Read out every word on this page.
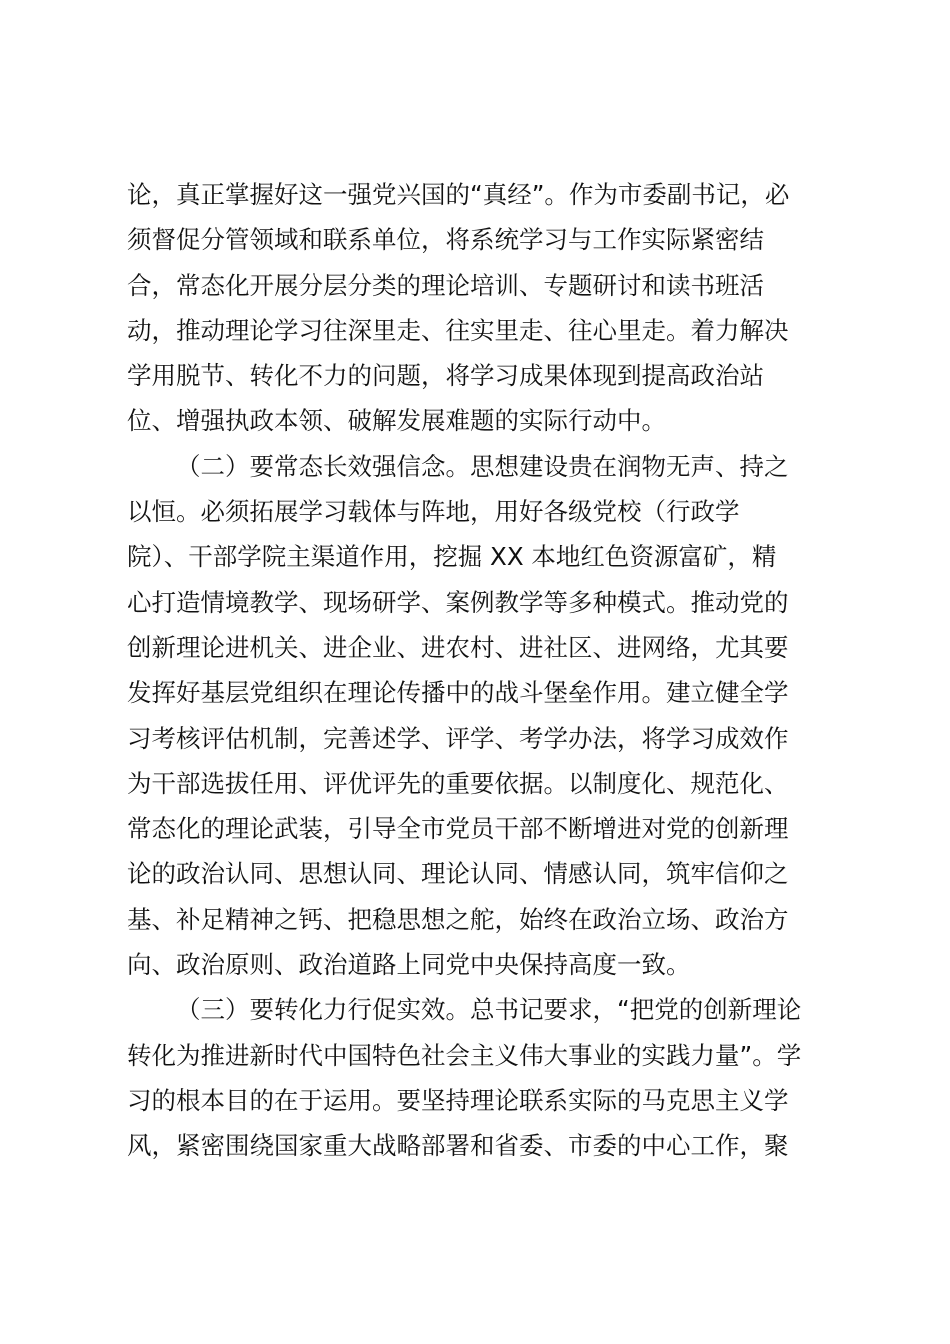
论，真正掌握好这一强党兴国的“真经”。作为市委副书记，必
须督促分管领域和联系单位，将系统学习与工作实际紧密结
合，常态化开展分层分类的理论培训、专题研讨和读书班活
动，推动理论学习往深里走、往实里走、往心里走。着力解决
学用脱节、转化不力的问题，将学习成果体现到提高政治站
位、增强执政本领、破解发展难题的实际行动中。
（二）要常态长效强信念。思想建设贵在润物无声、持之
以恒。必须拓展学习载体与阵地，用好各级党校（行政学
院）、干部学院主渠道作用，挖掘 XX 本地红色资源富矿，精
心打造情境教学、现场研学、案例教学等多种模式。推动党的
创新理论进机关、进企业、进农村、进社区、进网络，尤其要
发挥好基层党组织在理论传播中的战斗堡垒作用。建立健全学
习考核评估机制，完善述学、评学、考学办法，将学习成效作
为干部选拔任用、评优评先的重要依据。以制度化、规范化、
常态化的理论武装，引导全市党员干部不断增进对党的创新理
论的政治认同、思想认同、理论认同、情感认同，筑牢信仰之
基、补足精神之钙、把稳思想之舵，始终在政治立场、政治方
向、政治原则、政治道路上同党中央保持高度一致。
（三）要转化力行促实效。总书记要求，“把党的创新理论
转化为推进新时代中国特色社会主义伟大事业的实践力量”。学
习的根本目的在于运用。要坚持理论联系实际的马克思主义学
风，紧密围绕国家重大战略部署和省委、市委的中心工作，聚
